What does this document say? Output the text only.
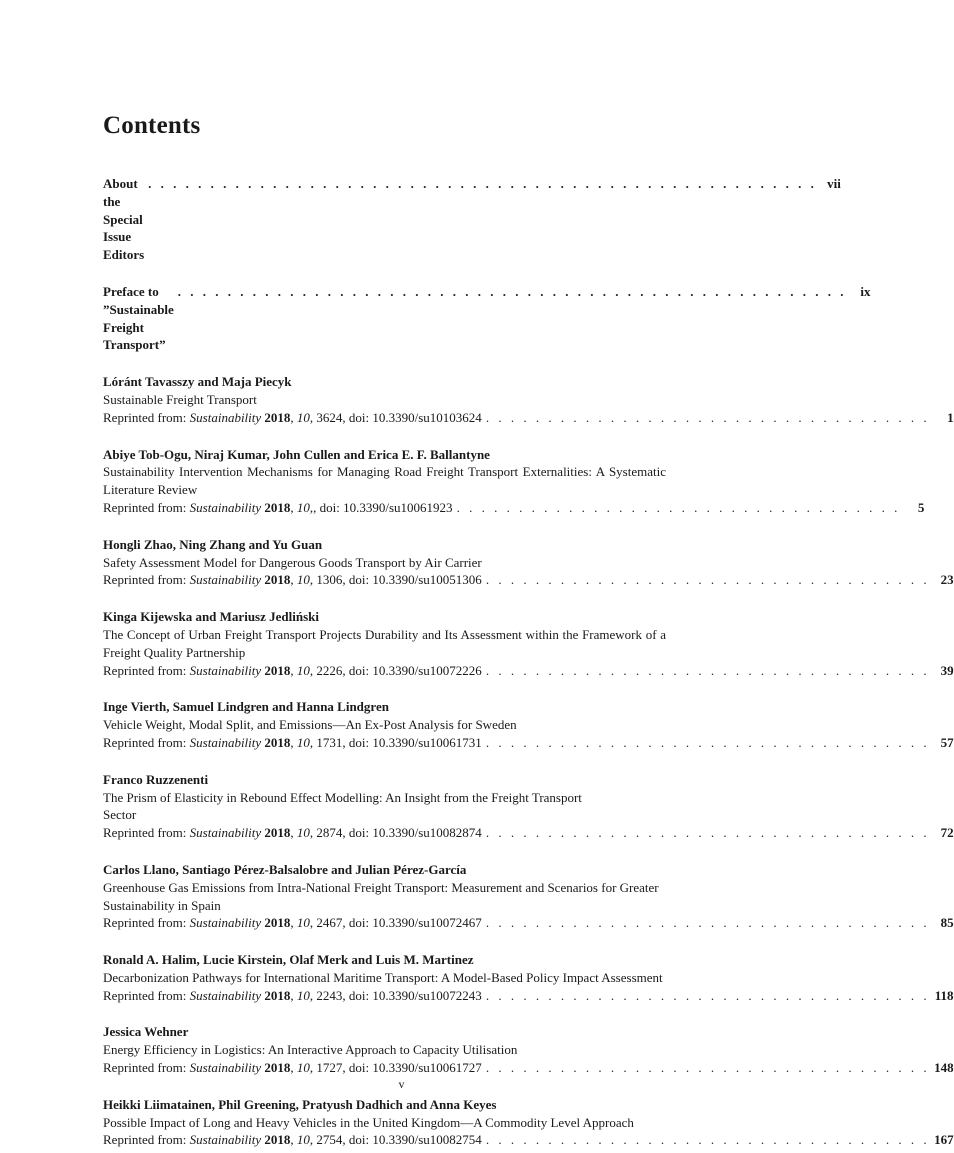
Contents
About the Special Issue Editors
. . . . . . . . . . . . . . . . . . . . . . . . . . . . . . . . . . . . . . . . . . . . . . . . . . . . . . vii
Preface to ”Sustainable Freight Transport”
. . . . . . . . . . . . . . . . . . . . . . . . . . . . . . . . . . . . . . . . . . . . . . . . . . . . . .	ix
Lóránt Tavasszy and Maja Piecyk
Sustainable Freight Transport
Reprinted from:
Sustainability
2018 , 10 , 3624 , doi: 10.3390/su10103624 . . . . . . . . . . . . . . . . . . . . . . . . . . . . . . . . . . . .	1
Abiye Tob-Ogu, Niraj Kumar, John Cullen and Erica E. F. Ballantyne
Sustainability Intervention Mechanisms for Managing Road Freight Transport Externalities: A Systematic Literature Review
Reprinted from:
Sustainability
2018 , 10 , , doi: 10.3390/su10061923 . . . . . . . . . . . . . . . . . . . . . . . . . . . . . . . . . . . .	5
Hongli Zhao, Ning Zhang and Yu Guan
Safety Assessment Model for Dangerous Goods Transport by Air Carrier
Reprinted from:
Sustainability
2018 , 10 , 1306 , doi: 10.3390/su10051306 . . . . . . . . . . . . . . . . . . . . . . . . . . . . . . . . . . . . 23
Kinga Kijewska and Mariusz Jedliński
The Concept of Urban Freight Transport Projects Durability and Its Assessment within the Framework of a Freight Quality Partnership
Reprinted from:
Sustainability
2018 , 10 , 2226 , doi: 10.3390/su10072226 . . . . . . . . . . . . . . . . . . . . . . . . . . . . . . . . . . . . 39
Inge Vierth, Samuel Lindgren and Hanna Lindgren
Vehicle Weight, Modal Split, and Emissions—An Ex-Post Analysis for Sweden
Reprinted from:
Sustainability
2018 , 10 , 1731 , doi: 10.3390/su10061731 . . . . . . . . . . . . . . . . . . . . . . . . . . . . . . . . . . . . 57
Franco Ruzzenenti
The Prism of Elasticity in Rebound Effect Modelling: An Insight from the Freight Transport Sector
Reprinted from:
Sustainability
2018 , 10 , 2874 , doi: 10.3390/su10082874 . . . . . . . . . . . . . . . . . . . . . . . . . . . . . . . . . . . . 72
Carlos Llano, Santiago Pérez-Balsalobre and Julian Pérez-García
Greenhouse Gas Emissions from Intra-National Freight Transport: Measurement and Scenarios for Greater Sustainability in Spain
Reprinted from:
Sustainability
2018 , 10 , 2467 , doi: 10.3390/su10072467 . . . . . . . . . . . . . . . . . . . . . . . . . . . . . . . . . . . . 85
Ronald A. Halim, Lucie Kirstein, Olaf Merk and Luis M. Martinez
Decarbonization Pathways for International Maritime Transport: A Model-Based Policy Impact Assessment
Reprinted from:
Sustainability
2018 , 10 , 2243 , doi: 10.3390/su10072243 . . . . . . . . . . . . . . . . . . . . . . . . . . . . . . . . . . . . 118
Jessica Wehner
Energy Efficiency in Logistics: An Interactive Approach to Capacity Utilisation
Reprinted from:
Sustainability
2018 , 10 , 1727 , doi: 10.3390/su10061727 . . . . . . . . . . . . . . . . . . . . . . . . . . . . . . . . . . . . 148
Heikki Liimatainen, Phil Greening, Pratyush Dadhich and Anna Keyes
Possible Impact of Long and Heavy Vehicles in the United Kingdom—A Commodity Level Approach
Reprinted from:
Sustainability
2018 , 10 , 2754 , doi: 10.3390/su10082754 . . . . . . . . . . . . . . . . . . . . . . . . . . . . . . . . . . . . 167
v
